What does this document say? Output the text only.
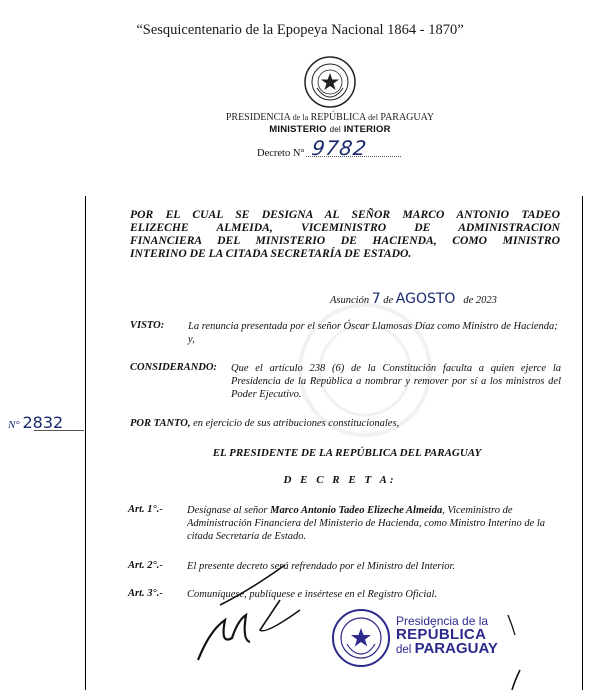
“Sesquicentenario de la Epopeya Nacional 1864 - 1870”
PRESIDENCIA de la REPÚBLICA del PARAGUAY
MINISTERIO del INTERIOR
Decreto N° 9782
POR EL CUAL SE DESIGNA AL SEÑOR MARCO ANTONIO TADEO
ELIZECHE ALMEIDA, VICEMINISTRO DE ADMINISTRACION
FINANCIERA DEL MINISTERIO DE HACIENDA, COMO MINISTRO
INTERINO DE LA CITADA SECRETARÍA DE ESTADO.
Asunción 7 de AGOSTO de 2023
VISTO: La renuncia presentada por el señor Óscar Llamosas Díaz como Ministro de Hacienda; y,
CONSIDERANDO: Que el artículo 238 (6) de la Constitución faculta a quien ejerce la Presidencia de la República a nombrar y remover por sí a los ministros del Poder Ejecutivo.
POR TANTO, en ejercicio de sus atribuciones constitucionales,
EL PRESIDENTE DE LA REPÚBLICA DEL PARAGUAY
D E C R E T A:
Art. 1°.- Desígnase al señor Marco Antonio Tadeo Elizeche Almeida, Viceministro de Administración Financiera del Ministerio de Hacienda, como Ministro Interino de la citada Secretaría de Estado.
Art. 2°.- El presente decreto será refrendado por el Ministro del Interior.
Art. 3°.- Comuníquese, publíquese e insértese en el Registro Oficial.
N° 2832
Presidencia de la
REPÚBLICA
del PARAGUAY
